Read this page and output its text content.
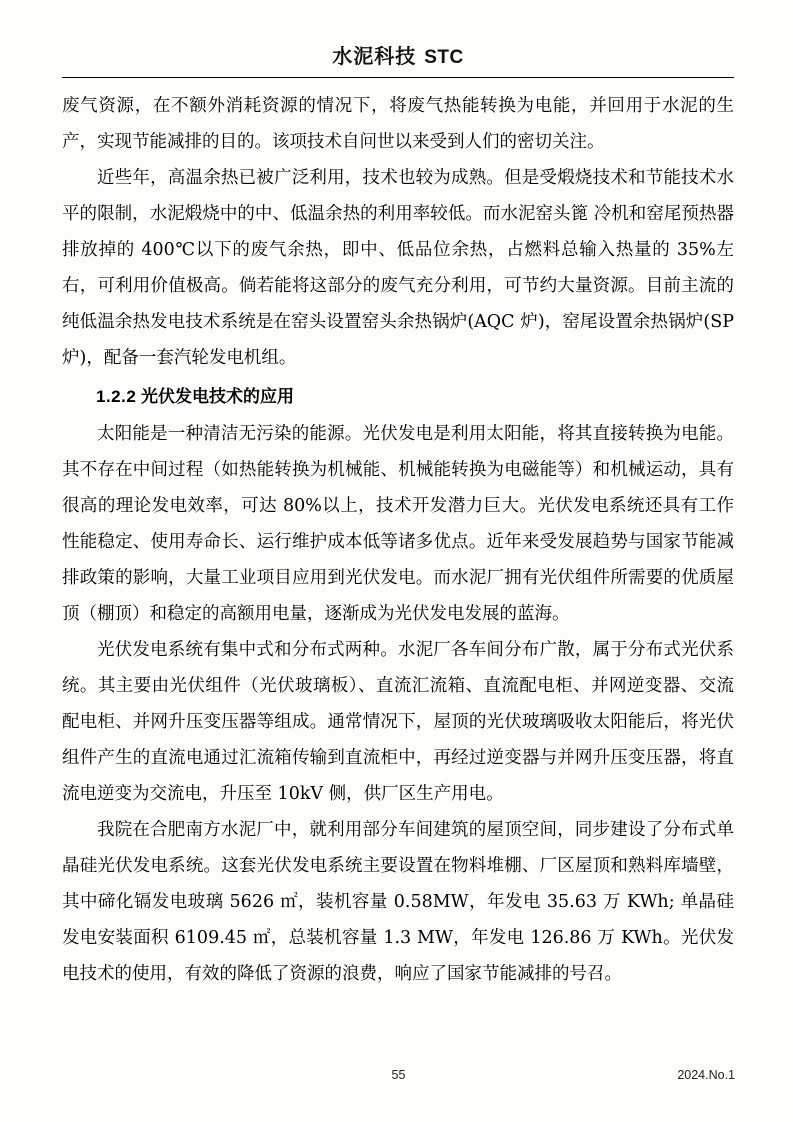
水泥科技 STC

废气资源，在不额外消耗资源的情况下，将废气热能转换为电能，并回用于水泥的生产，实现节能减排的目的。该项技术自问世以来受到人们的密切关注。

近些年，高温余热已被广泛利用，技术也较为成熟。但是受煅烧技术和节能技术水平的限制，水泥煅烧中的中、低温余热的利用率较低。而水泥窑头篦 冷机和窑尾预热器排放掉的 400℃以下的废气余热，即中、低品位余热，占燃料总输入热量的 35%左右，可利用价值极高。倘若能将这部分的废气充分利用，可节约大量资源。目前主流的纯低温余热发电技术系统是在窑头设置窑头余热锅炉(AQC 炉)，窑尾设置余热锅炉(SP 炉)，配备一套汽轮发电机组。

1.2.2 光伏发电技术的应用

太阳能是一种清洁无污染的能源。光伏发电是利用太阳能，将其直接转换为电能。其不存在中间过程（如热能转换为机械能、机械能转换为电磁能等）和机械运动，具有很高的理论发电效率，可达 80%以上，技术开发潜力巨大。光伏发电系统还具有工作性能稳定、使用寿命长、运行维护成本低等诸多优点。近年来受发展趋势与国家节能减排政策的影响，大量工业项目应用到光伏发电。而水泥厂拥有光伏组件所需要的优质屋顶（棚顶）和稳定的高额用电量，逐渐成为光伏发电发展的蓝海。

光伏发电系统有集中式和分布式两种。水泥厂各车间分布广散，属于分布式光伏系统。其主要由光伏组件（光伏玻璃板）、直流汇流箱、直流配电柜、并网逆变器、交流配电柜、并网升压变压器等组成。通常情况下，屋顶的光伏玻璃吸收太阳能后，将光伏组件产生的直流电通过汇流箱传输到直流柜中，再经过逆变器与并网升压变压器，将直流电逆变为交流电，升压至 10kV 侧，供厂区生产用电。

我院在合肥南方水泥厂中，就利用部分车间建筑的屋顶空间，同步建设了分布式单晶硅光伏发电系统。这套光伏发电系统主要设置在物料堆棚、厂区屋顶和熟料库墙壁，其中碲化镉发电玻璃 5626 ㎡，装机容量 0.58MW，年发电 35.63 万 KWh; 单晶硅发电安装面积 6109.45 ㎡，总装机容量 1.3 MW，年发电 126.86 万 KWh。光伏发电技术的使用，有效的降低了资源的浪费，响应了国家节能减排的号召。

55	2024.No.1
